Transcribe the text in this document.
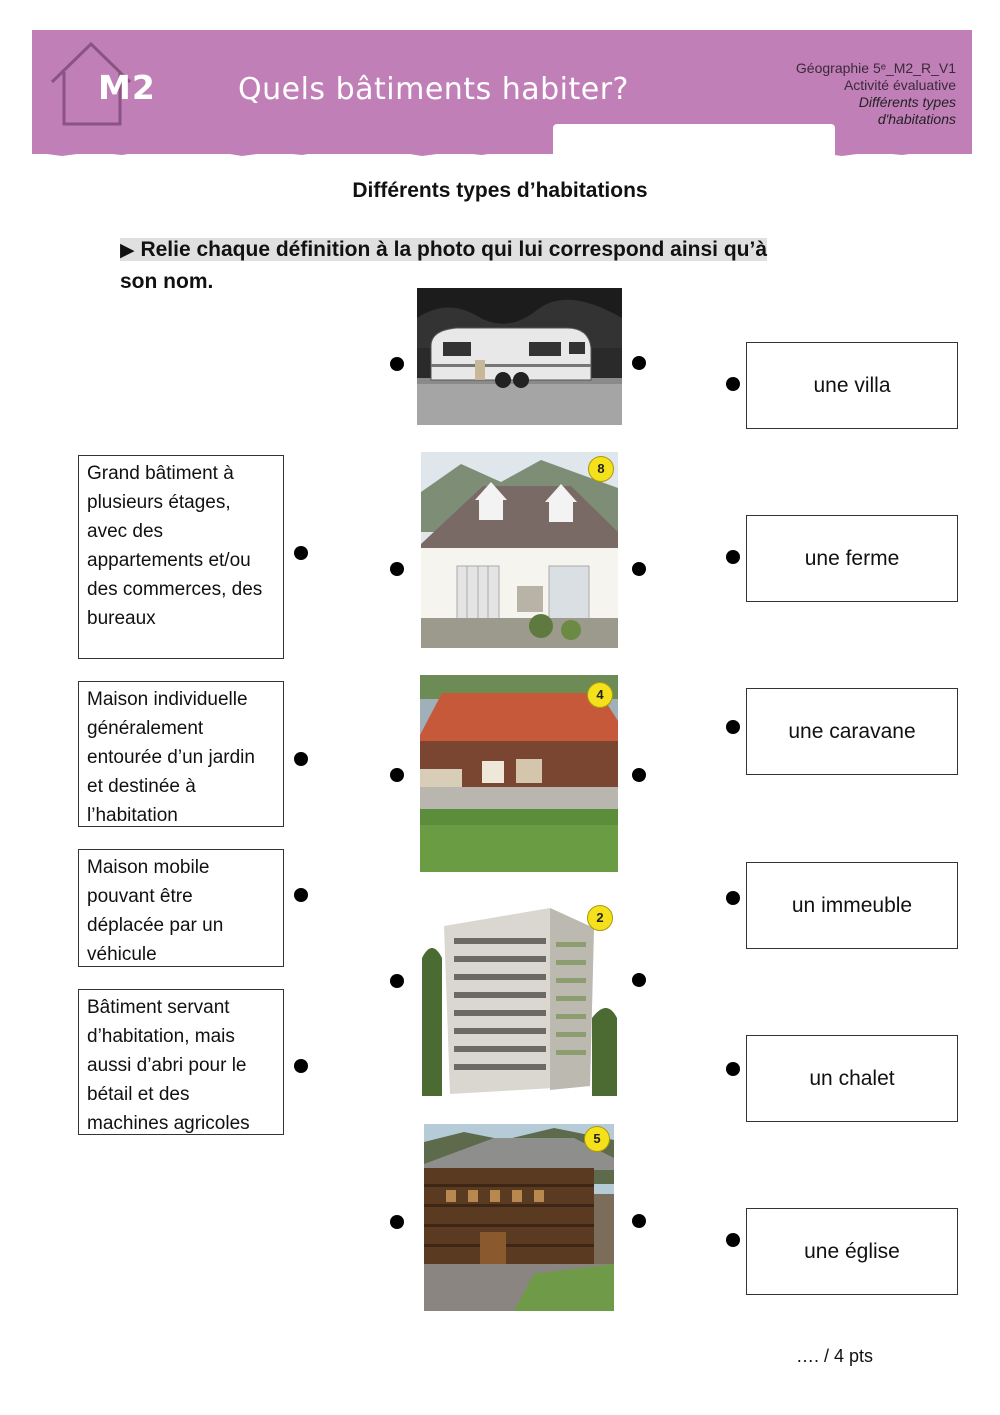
M2	Quels bâtiments habiter?
Géographie 5ᵉ_M2_R_V1
Activité évaluative
Différents types
d'habitations
Différents types d’habitations
▶ Relie chaque définition à la photo qui lui correspond ainsi qu’à
son nom.
Grand bâtiment à plusieurs étages, avec des appartements et/ou des commerces, des bureaux
Maison individuelle généralement entourée d’un jardin et destinée à l’habitation
Maison mobile pouvant être déplacée par un véhicule
Bâtiment servant d’habitation, mais aussi d’abri pour le bétail et des machines agricoles
8
4
2
5
une villa
une ferme
une caravane
un immeuble
un chalet
une église
…. / 4 pts
